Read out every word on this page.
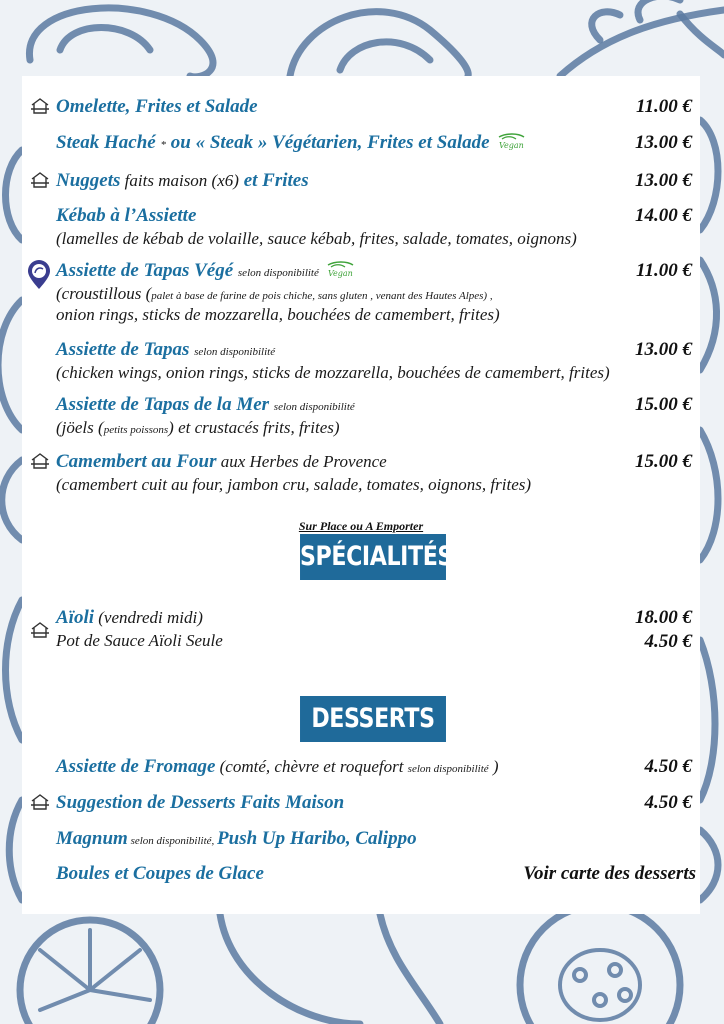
Omelette, Frites et Salade	11.00 €
Steak Haché * ou « Steak » Végétarien, Frites et Salade Vegan	13.00 €
Nuggets faits maison (x6) et Frites	13.00 €
Kébab à l’Assiette	14.00 €
(lamelles de kébab de volaille, sauce kébab, frites, salade, tomates, oignons)
Assiette de Tapas Végé selon disponibilité Vegan	11.00 €
(croustillous (palet à base de farine de pois chiche, sans gluten , venant des Hautes Alpes) ,
onion rings, sticks de mozzarella, bouchées de camembert, frites)
Assiette de Tapas selon disponibilité	13.00 €
(chicken wings, onion rings, sticks de mozzarella, bouchées de camembert, frites)
Assiette de Tapas de la Mer selon disponibilité	15.00 €
(jöels (petits poissons) et crustacés frits, frites)
Camembert au Four aux Herbes de Provence	15.00 €
(camembert cuit au four, jambon cru, salade, tomates, oignons, frites)
Sur Place ou A Emporter
SPÉCIALITÉS
Aïoli (vendredi midi)	18.00 €
Pot de Sauce Aïoli Seule	4.50 €
DESSERTS
Assiette de Fromage (comté, chèvre et roquefort selon disponibilité )	4.50 €
Suggestion de Desserts Faits Maison	4.50 €
Magnum selon disponibilité, Push Up Haribo, Calippo
Boules et Coupes de Glace	Voir carte des desserts
